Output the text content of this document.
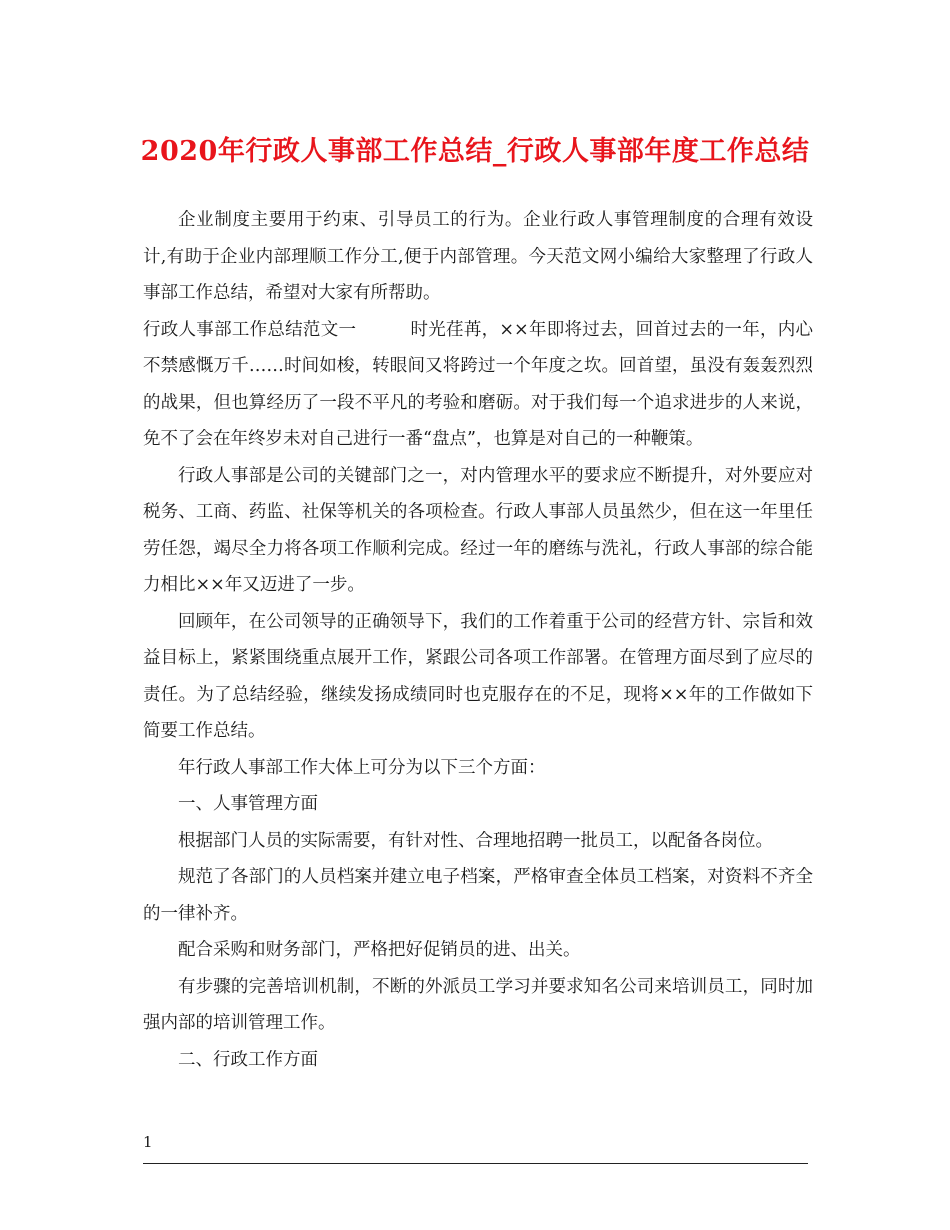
2020年行政人事部工作总结_行政人事部年度工作总结

企业制度主要用于约束、引导员工的行为。企业行政人事管理制度的合理有效设计,有助于企业内部理顺工作分工,便于内部管理。今天范文网小编给大家整理了行政人事部工作总结，希望对大家有所帮助。

行政人事部工作总结范文一	时光荏苒，××年即将过去，回首过去的一年，内心不禁感慨万千……时间如梭，转眼间又将跨过一个年度之坎。回首望，虽没有轰轰烈烈的战果，但也算经历了一段不平凡的考验和磨砺。对于我们每一个追求进步的人来说，免不了会在年终岁未对自己进行一番“盘点”，也算是对自己的一种鞭策。

行政人事部是公司的关键部门之一，对内管理水平的要求应不断提升，对外要应对税务、工商、药监、社保等机关的各项检查。行政人事部人员虽然少，但在这一年里任劳任怨，竭尽全力将各项工作顺利完成。经过一年的磨练与洗礼，行政人事部的综合能力相比××年又迈进了一步。

回顾年，在公司领导的正确领导下，我们的工作着重于公司的经营方针、宗旨和效益目标上，紧紧围绕重点展开工作，紧跟公司各项工作部署。在管理方面尽到了应尽的责任。为了总结经验，继续发扬成绩同时也克服存在的不足，现将××年的工作做如下简要工作总结。

年行政人事部工作大体上可分为以下三个方面：

一、人事管理方面

根据部门人员的实际需要，有针对性、合理地招聘一批员工，以配备各岗位。

规范了各部门的人员档案并建立电子档案，严格审查全体员工档案，对资料不齐全的一律补齐。

配合采购和财务部门，严格把好促销员的进、出关。

有步骤的完善培训机制，不断的外派员工学习并要求知名公司来培训员工，同时加强内部的培训管理工作。

二、行政工作方面

1
